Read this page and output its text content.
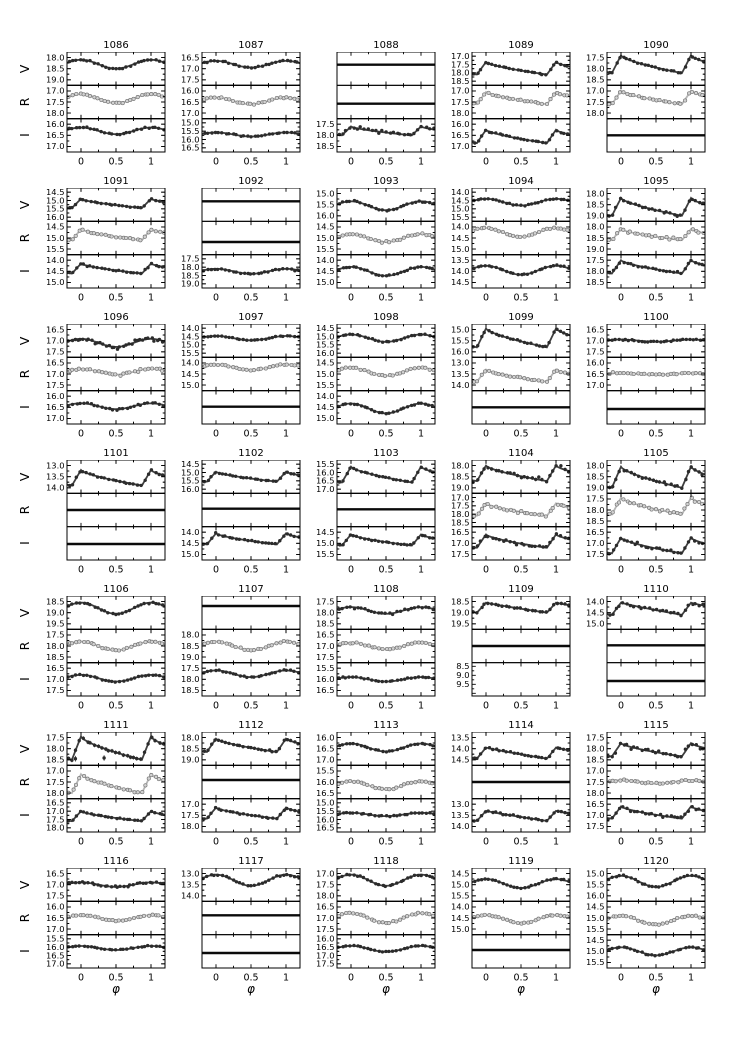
V
R
I
V
R
I
V
R
I
V
R
I
V
R
I
V
R
I
V
R
I
1086
18.0
18.5
19.0
17.0
17.5
18.0
16.0
16.5
17.0
0	0.5	1
1087
16.5
17.0
17.5
16.0
16.5
17.0
15.0
15.5
16.0
16.5
0	0.5	1
1088
17.5
18.0
18.5
0	0.5	1
1089
17.0
17.5
18.0
18.5
17.0
17.5
18.0
16.0
16.5
17.0
0	0.5	1
1090
17.5
18.0
18.5
17.0
17.5
18.0
0	0.5	1
1091
14.5
15.0
15.5
16.0
14.5
15.0
15.5
14.0
14.5
15.0
0	0.5	1
1092
17.5
18.0
18.5
19.0
0	0.5	1
1093
15.0
15.5
16.0
14.5
15.0
15.5
14.0
14.5
15.0
0	0.5	1
1094
14.0
14.5
15.0
15.5
14.0
14.5
15.0
13.5
14.0
14.5
0	0.5	1
1095
18.0
18.5
19.0
18.0
18.5
19.0
17.5
18.0
18.5
0	0.5	1
1096
16.5
17.0
17.5
16.5
17.0
17.5
16.0
16.5
17.0
0	0.5	1
1097
14.0
14.5
15.0
15.5
14.0
14.5
15.0
0	0.5	1
1098
14.5
15.0
15.5
16.0
14.5
15.0
15.5
14.0
14.5
15.0
0	0.5	1
1099
15.0
15.5
16.0
13.0
13.5
14.0
0	0.5	1
1100
16.5
17.0
17.5
16.0
16.5
17.0
0	0.5	1
1101
13.0
13.5
14.0
0	0.5	1
1102
14.5
15.0
15.5
16.0
14.0
14.5
15.0
0	0.5	1
1103
15.5
16.0
16.5
17.0
14.5
15.0
15.5
0	0.5	1
1104
18.0
18.5
19.0
17.0
17.5
18.0
18.5
16.5
17.0
17.5
0	0.5	1
1105
18.0
18.5
19.0
17.5
18.0
18.5
16.5
17.0
17.5
0	0.5	1
1106
18.5
19.0
19.5
17.5
18.0
18.5
16.5
17.0
17.5
0	0.5	1
1107
18.0
18.5
19.0
17.5
18.0
18.5
0	0.5	1
1108
17.5
18.0
18.5
16.5
17.0
17.5
15.5
16.0
16.5
0	0.5	1
1109
18.5
19.0
19.5
8.5
9.0
9.5
0	0.5	1
1110
14.0
14.5
15.0
0	0.5	1
1111
17.5
18.0
18.5
17.0
17.5
18.0
16.5
17.0
17.5
18.0
0	0.5	1
1112
18.0
18.5
19.0
17.0
17.5
18.0
0	0.5	1
1113
16.0
16.5
17.0
15.5
16.0
16.5
15.0
15.5
16.0
16.5
0	0.5	1
1114
13.5
14.0
14.5
13.0
13.5
14.0
0	0.5	1
1115
17.5
18.0
18.5
17.0
17.5
18.0
16.5
17.0
17.5
0	0.5	1
φ
1116
16.5
17.0
17.5
16.0
16.5
17.0
15.5
16.0
16.5
17.0
0	0.5	1
φ
1117
13.0
13.5
14.0
0	0.5	1
φ
1118
17.0
17.5
18.0
16.5
17.0
17.5
16.0
16.5
17.0
17.5
0	0.5	1
φ
1119
14.5
15.0
15.5
14.0
14.5
15.0
0	0.5	1
φ
1120
15.0
15.5
16.0
14.5
15.0
15.5
14.5
15.0
15.5
0	0.5	1
